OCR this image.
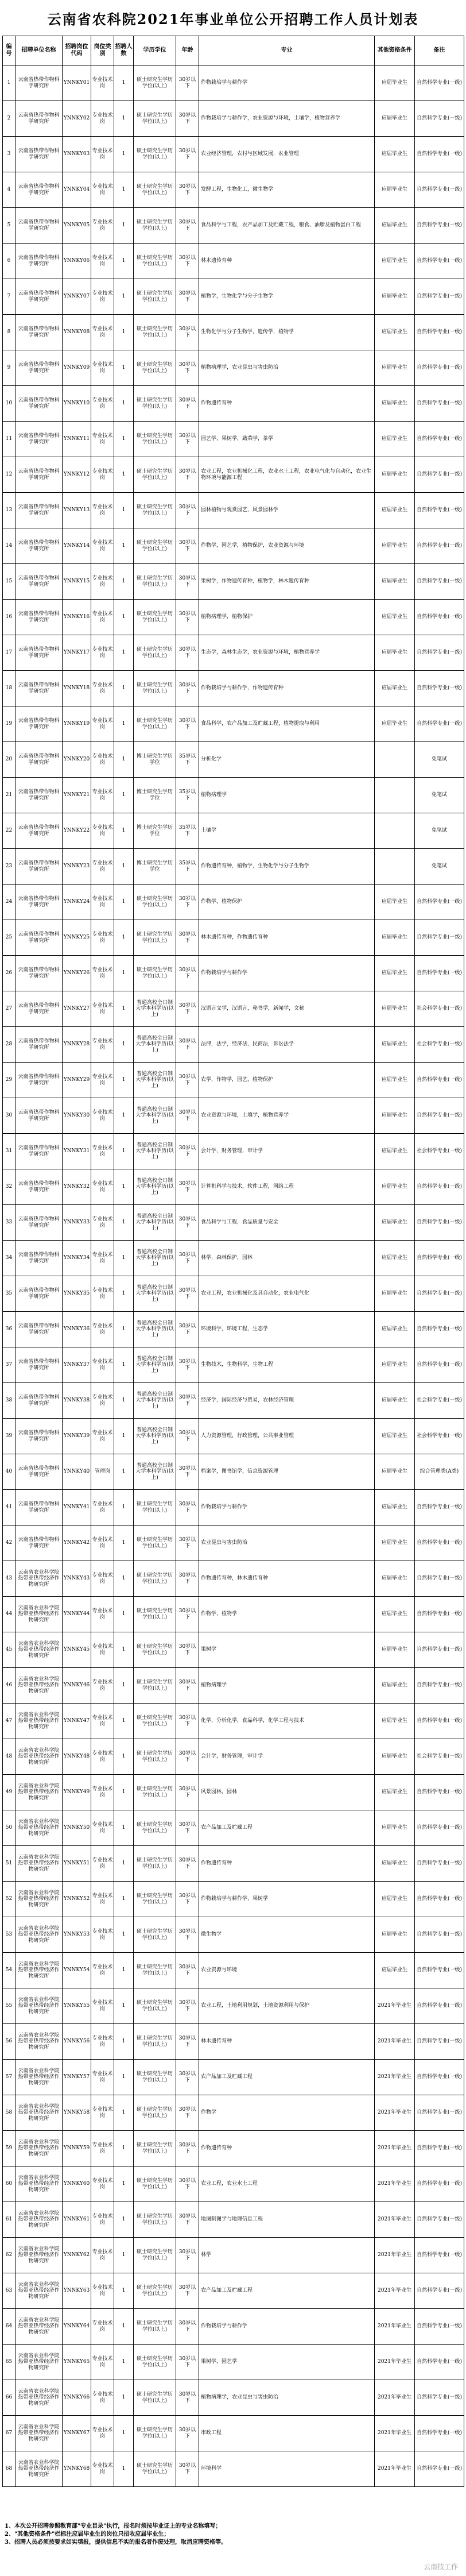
云南省农科院2021年事业单位公开招聘工作人员计划表
编号	招聘单位名称	招聘岗位代码	岗位类别	招聘人数	学历学位	年龄	专业	其他资格条件	备注
1	云南省热带作物科学研究所	YNNKY01	专业技术岗	1	硕士研究生学历学位(以上)	30岁以下	作物栽培学与耕作学	应届毕业生	自然科学专业(一级)
2	云南省热带作物科学研究所	YNNKY02	专业技术岗	1	硕士研究生学历学位(以上)	30岁以下	作物栽培学与耕作学，农业资源与环境，土壤学，植物营养学	应届毕业生	自然科学专业(一级)
3	云南省热带作物科学研究所	YNNKY03	专业技术岗	1	硕士研究生学历学位(以上)	30岁以下	农业经济管理，农村与区域发展，农业管理	应届毕业生	自然科学专业(一级)
4	云南省热带作物科学研究所	YNNKY04	专业技术岗	1	硕士研究生学历学位(以上)	30岁以下	发酵工程，生物化工，微生物学	应届毕业生	自然科学专业(一级)
5	云南省热带作物科学研究所	YNNKY05	专业技术岗	1	硕士研究生学历学位(以上)	30岁以下	食品科学与工程，农产品加工及贮藏工程，粮食、油脂及植物蛋白工程	应届毕业生	自然科学专业(一级)
6	云南省热带作物科学研究所	YNNKY06	专业技术岗	1	硕士研究生学历学位(以上)	30岁以下	林木遗传育种	应届毕业生	自然科学专业(一级)
7	云南省热带作物科学研究所	YNNKY07	专业技术岗	1	硕士研究生学历学位(以上)	30岁以下	植物学，生物化学与分子生物学	应届毕业生	自然科学专业(一级)
8	云南省热带作物科学研究所	YNNKY08	专业技术岗	1	硕士研究生学历学位(以上)	30岁以下	生物化学与分子生物学，遗传学，植物学	应届毕业生	自然科学专业(一级)
9	云南省热带作物科学研究所	YNNKY09	专业技术岗	1	硕士研究生学历学位(以上)	30岁以下	植物病理学，农业昆虫与害虫防治	应届毕业生	自然科学专业(一级)
10	云南省热带作物科学研究所	YNNKY10	专业技术岗	1	硕士研究生学历学位(以上)	30岁以下	作物遗传育种	应届毕业生	自然科学专业(一级)
11	云南省热带作物科学研究所	YNNKY11	专业技术岗	1	硕士研究生学历学位(以上)	30岁以下	园艺学，果树学，蔬菜学，茶学	应届毕业生	自然科学专业(一级)
12	云南省热带作物科学研究所	YNNKY12	专业技术岗	1	硕士研究生学历学位(以上)	30岁以下	农业工程，农业机械化工程，农业水土工程，农业电气化与自动化，农业生物环境与能源工程	应届毕业生	自然科学专业(一级)
13	云南省热带作物科学研究所	YNNKY13	专业技术岗	1	硕士研究生学历学位(以上)	30岁以下	园林植物与观赏园艺，风景园林学	应届毕业生	自然科学专业(一级)
14	云南省热带作物科学研究所	YNNKY14	专业技术岗	1	硕士研究生学历学位(以上)	30岁以下	作物学，园艺学，植物保护，农业资源与环境	应届毕业生	自然科学专业(一级)
15	云南省热带作物科学研究所	YNNKY15	专业技术岗	1	硕士研究生学历学位(以上)	30岁以下	果树学，作物遗传育种，植物学，林木遗传育种	应届毕业生	自然科学专业(一级)
16	云南省热带作物科学研究所	YNNKY16	专业技术岗	1	硕士研究生学历学位(以上)	30岁以下	植物病理学，植物保护	应届毕业生	自然科学专业(一级)
17	云南省热带作物科学研究所	YNNKY17	专业技术岗	1	硕士研究生学历学位(以上)	30岁以下	生态学，森林生态学，农业资源与环境，植物营养学	应届毕业生	自然科学专业(一级)
18	云南省热带作物科学研究所	YNNKY18	专业技术岗	1	硕士研究生学历学位(以上)	30岁以下	作物栽培学与耕作学，作物遗传育种	应届毕业生	自然科学专业(一级)
19	云南省热带作物科学研究所	YNNKY19	专业技术岗	1	硕士研究生学历学位(以上)	30岁以下	食品科学，农产品加工及贮藏工程，植物提取与利用	应届毕业生	自然科学专业(一级)
20	云南省热带作物科学研究所	YNNKY20	专业技术岗	1	博士研究生学历学位	35岁以下	分析化学		免笔试
21	云南省热带作物科学研究所	YNNKY21	专业技术岗	1	博士研究生学历学位	35岁以下	植物病理学		免笔试
22	云南省热带作物科学研究所	YNNKY22	专业技术岗	1	博士研究生学历学位	35岁以下	土壤学		免笔试
23	云南省热带作物科学研究所	YNNKY23	专业技术岗	1	博士研究生学历学位	35岁以下	作物遗传育种，植物学，生物化学与分子生物学		免笔试
24	云南省热带作物科学研究所	YNNKY24	专业技术岗	1	硕士研究生学历学位(以上)	30岁以下	作物学，植物保护	应届毕业生	自然科学专业(一级)
25	云南省热带作物科学研究所	YNNKY25	专业技术岗	1	硕士研究生学历学位(以上)	30岁以下	林木遗传育种，作物遗传育种	应届毕业生	自然科学专业(一级)
26	云南省热带作物科学研究所	YNNKY26	专业技术岗	1	硕士研究生学历学位(以上)	30岁以下	作物栽培学与耕作学	应届毕业生	自然科学专业(一级)
27	云南省热带作物科学研究所	YNNKY27	专业技术岗	1	普通高校全日制大学本科学历(以上)	30岁以下	汉语言文学，汉语言，秘书学，新闻学，文秘	应届毕业生	社会科学专业(一级)
28	云南省热带作物科学研究所	YNNKY28	专业技术岗	1	普通高校全日制大学本科学历(以上)	30岁以下	法律，法学，经济法，民商法，诉讼法学	应届毕业生	社会科学专业(一级)
29	云南省热带作物科学研究所	YNNKY29	专业技术岗	1	普通高校全日制大学本科学历(以上)	30岁以下	农学，作物学，园艺，植物保护	应届毕业生	自然科学专业(一级)
30	云南省热带作物科学研究所	YNNKY30	专业技术岗	1	普通高校全日制大学本科学历(以上)	30岁以下	农业资源与环境，土壤学，植物营养学	应届毕业生	自然科学专业(一级)
31	云南省热带作物科学研究所	YNNKY31	专业技术岗	1	普通高校全日制大学本科学历(以上)	30岁以下	会计学，财务管理，审计学	应届毕业生	社会科学专业(一级)
32	云南省热带作物科学研究所	YNNKY32	专业技术岗	1	普通高校全日制大学本科学历(以上)	30岁以下	计算机科学与技术，软件工程，网络工程	应届毕业生	自然科学专业(一级)
33	云南省热带作物科学研究所	YNNKY33	专业技术岗	1	普通高校全日制大学本科学历(以上)	30岁以下	食品科学与工程，食品质量与安全	应届毕业生	自然科学专业(一级)
34	云南省热带作物科学研究所	YNNKY34	专业技术岗	1	普通高校全日制大学本科学历(以上)	30岁以下	林学，森林保护，园林	应届毕业生	自然科学专业(一级)
35	云南省热带作物科学研究所	YNNKY35	专业技术岗	1	普通高校全日制大学本科学历(以上)	30岁以下	农业工程，农业机械化及其自动化，农业电气化	应届毕业生	自然科学专业(一级)
36	云南省热带作物科学研究所	YNNKY36	专业技术岗	1	普通高校全日制大学本科学历(以上)	30岁以下	环境科学，环境工程，生态学	应届毕业生	自然科学专业(一级)
37	云南省热带作物科学研究所	YNNKY37	专业技术岗	1	普通高校全日制大学本科学历(以上)	30岁以下	生物技术，生物科学，生物工程	应届毕业生	自然科学专业(一级)
38	云南省热带作物科学研究所	YNNKY38	专业技术岗	1	普通高校全日制大学本科学历(以上)	30岁以下	经济学，国际经济与贸易，农林经济管理	应届毕业生	社会科学专业(一级)
39	云南省热带作物科学研究所	YNNKY39	专业技术岗	1	普通高校全日制大学本科学历(以上)	30岁以下	人力资源管理，行政管理，公共事业管理	应届毕业生	社会科学专业(一级)
40	云南省热带作物科学研究所	YNNKY40	管理岗	1	普通高校全日制大学本科学历(以上)	30岁以下	档案学，图书馆学，信息资源管理	应届毕业生	综合管理类(A类)
41	云南省热带作物科学研究所	YNNKY41	专业技术岗	1	硕士研究生学历学位(以上)	30岁以下	作物栽培学与耕作学	应届毕业生	自然科学专业(一级)
42	云南省热带作物科学研究所	YNNKY42	专业技术岗	1	硕士研究生学历学位(以上)	30岁以下	农业昆虫与害虫防治	应届毕业生	自然科学专业(一级)
43	云南省农业科学院热带亚热带经济作物研究所	YNNKY43	专业技术岗	1	硕士研究生学历学位(以上)	30岁以下	作物遗传育种，林木遗传育种	应届毕业生	自然科学专业(一级)
44	云南省农业科学院热带亚热带经济作物研究所	YNNKY44	专业技术岗	1	硕士研究生学历学位(以上)	30岁以下	作物学，植物学	应届毕业生	自然科学专业(一级)
45	云南省农业科学院热带亚热带经济作物研究所	YNNKY45	专业技术岗	1	硕士研究生学历学位(以上)	30岁以下	果树学	应届毕业生	自然科学专业(一级)
46	云南省农业科学院热带亚热带经济作物研究所	YNNKY46	专业技术岗	1	硕士研究生学历学位(以上)	30岁以下	植物病理学	应届毕业生	自然科学专业(一级)
47	云南省农业科学院热带亚热带经济作物研究所	YNNKY47	专业技术岗	1	硕士研究生学历学位(以上)	30岁以下	化学，分析化学，食品科学，化学工程与技术	应届毕业生	自然科学专业(一级)
48	云南省农业科学院热带亚热带经济作物研究所	YNNKY48	专业技术岗	1	硕士研究生学历学位(以上)	30岁以下	会计学，财务管理，审计学	应届毕业生	社会科学专业(一级)
49	云南省农业科学院热带亚热带经济作物研究所	YNNKY49	专业技术岗	1	硕士研究生学历学位(以上)	30岁以下	风景园林，园林	应届毕业生	自然科学专业(一级)
50	云南省农业科学院热带亚热带经济作物研究所	YNNKY50	专业技术岗	1	硕士研究生学历学位(以上)	30岁以下	农产品加工及贮藏工程	应届毕业生	自然科学专业(一级)
51	云南省农业科学院热带亚热带经济作物研究所	YNNKY51	专业技术岗	1	硕士研究生学历学位(以上)	30岁以下	作物遗传育种	应届毕业生	自然科学专业(一级)
52	云南省农业科学院热带亚热带经济作物研究所	YNNKY52	专业技术岗	1	硕士研究生学历学位(以上)	30岁以下	作物栽培学与耕作学，果树学	应届毕业生	自然科学专业(一级)
53	云南省农业科学院热带亚热带经济作物研究所	YNNKY53	专业技术岗	1	硕士研究生学历学位(以上)	30岁以下	微生物学	应届毕业生	自然科学专业(一级)
54	云南省农业科学院热带亚热带经济作物研究所	YNNKY54	专业技术岗	1	硕士研究生学历学位(以上)	30岁以下	农业资源与环境	应届毕业生	自然科学专业(一级)
55	云南省农业科学院热带亚热带经济作物研究所	YNNKY55	专业技术岗	1	硕士研究生学历学位(以上)	30岁以下	农业工程，土地利用规划，土地资源利用与保护	2021年毕业生	自然科学专业(一级)
56	云南省农业科学院热带亚热带经济作物研究所	YNNKY56	专业技术岗	1	硕士研究生学历学位(以上)	30岁以下	林木遗传育种	2021年毕业生	自然科学专业(一级)
57	云南省农业科学院热带亚热带经济作物研究所	YNNKY57	专业技术岗	1	硕士研究生学历学位(以上)	30岁以下	农产品加工及贮藏工程	2021年毕业生	自然科学专业(一级)
58	云南省农业科学院热带亚热带经济作物研究所	YNNKY58	专业技术岗	1	硕士研究生学历学位(以上)	30岁以下	作物学	2021年毕业生	自然科学专业(一级)
59	云南省农业科学院热带亚热带经济作物研究所	YNNKY59	专业技术岗	1	硕士研究生学历学位(以上)	30岁以下	作物遗传育种	2021年毕业生	自然科学专业(一级)
60	云南省农业科学院热带亚热带经济作物研究所	YNNKY60	专业技术岗	1	硕士研究生学历学位(以上)	30岁以下	农业工程，农业水土工程	2021年毕业生	自然科学专业(一级)
61	云南省农业科学院热带亚热带经济作物研究所	YNNKY61	专业技术岗	1	硕士研究生学历学位(以上)	30岁以下	地图制图学与地理信息工程	2021年毕业生	自然科学专业(一级)
62	云南省农业科学院热带亚热带经济作物研究所	YNNKY62	专业技术岗	1	硕士研究生学历学位(以上)	30岁以下	林学	2021年毕业生	自然科学专业(一级)
63	云南省农业科学院热带亚热带经济作物研究所	YNNKY63	专业技术岗	1	硕士研究生学历学位(以上)	30岁以下	农产品加工及贮藏工程	2021年毕业生	自然科学专业(一级)
64	云南省农业科学院热带亚热带经济作物研究所	YNNKY64	专业技术岗	1	硕士研究生学历学位(以上)	30岁以下	作物栽培学与耕作学	2021年毕业生	自然科学专业(一级)
65	云南省农业科学院热带亚热带经济作物研究所	YNNKY65	专业技术岗	1	硕士研究生学历学位(以上)	30岁以下	果树学，园艺学	2021年毕业生	自然科学专业(一级)
66	云南省农业科学院热带亚热带经济作物研究所	YNNKY66	专业技术岗	1	硕士研究生学历学位(以上)	30岁以下	植物病理学，农业昆虫与害虫防治	2021年毕业生	自然科学专业(一级)
67	云南省农业科学院热带亚热带经济作物研究所	YNNKY67	专业技术岗	1	硕士研究生学历学位(以上)	30岁以下	市政工程	2021年毕业生	自然科学专业(一级)
68	云南省农业科学院热带亚热带经济作物研究所	YNNKY68	专业技术岗	1	硕士研究生学历学位(以上)	30岁以下	环境科学	2021年毕业生	自然科学专业(一级)
1、本次公开招聘参照教育部"专业目录"执行，报名时须按毕业证上的专业名称填写；
2、"其他资格条件"栏标注应届毕业生的岗位只招收应届毕业生；
3、招聘人员必须按要求如实填报，提供信息不实的报名者作废处理，取消应聘资格等。
云南技工作
